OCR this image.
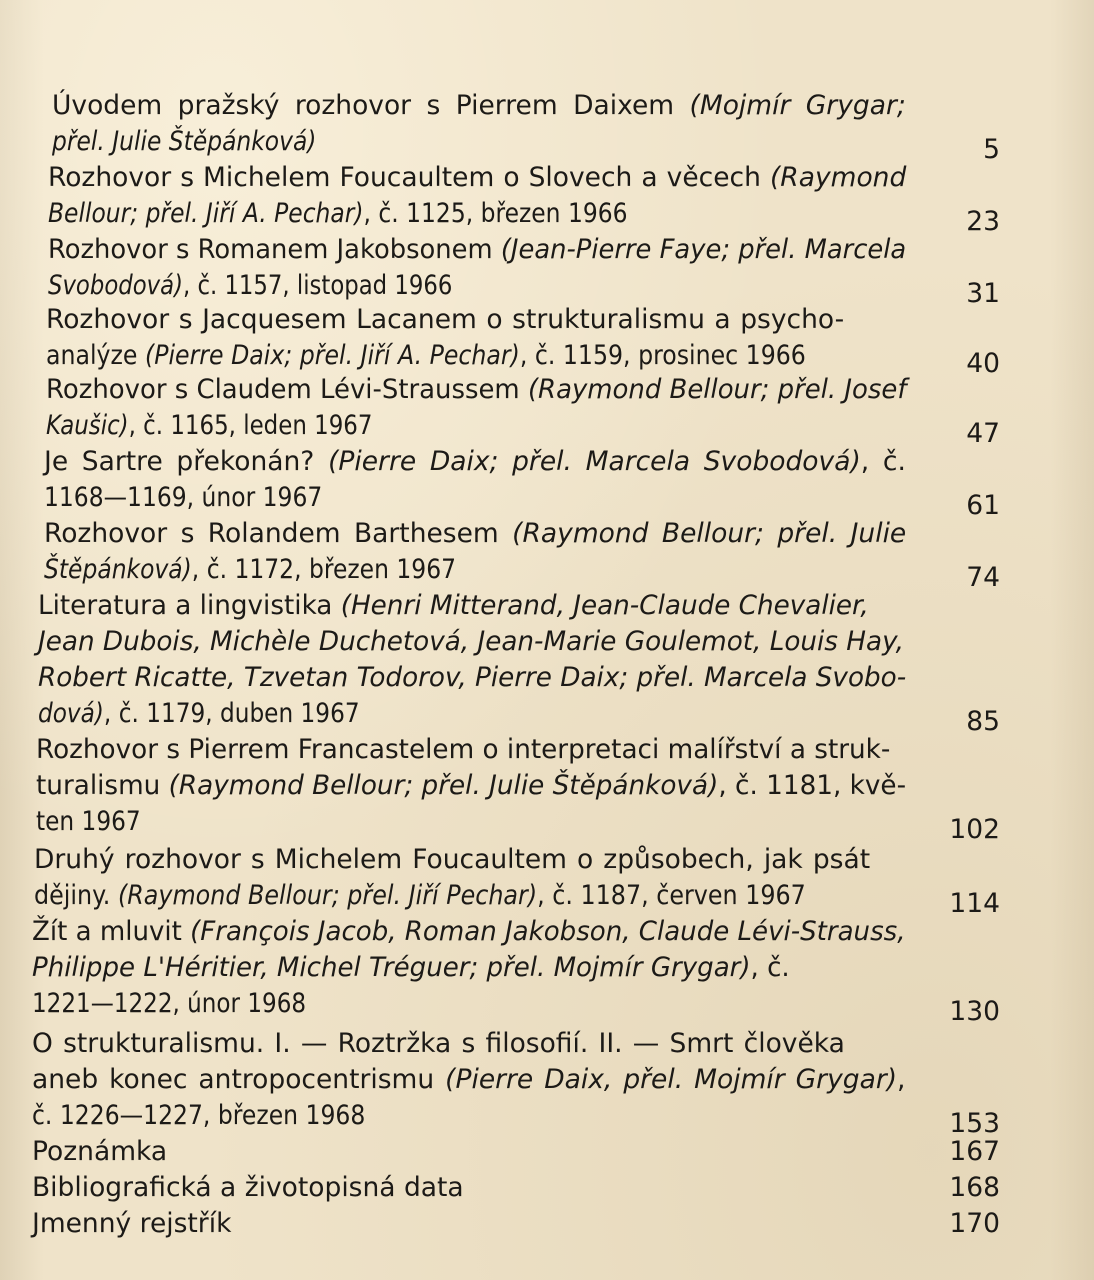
Úvodem pražský rozhovor s Pierrem Daixem (Mojmír Grygar;
přel. Julie Štěpánková)	5
Rozhovor s Michelem Foucaultem o Slovech a věcech (Raymond
Bellour; přel. Jiří A. Pechar), č. 1125, březen 1966	23
Rozhovor s Romanem Jakobsonem (Jean-Pierre Faye; přel. Marcela
Svobodová), č. 1157, listopad 1966	31
Rozhovor s Jacquesem Lacanem o strukturalismu a psycho-
analýze (Pierre Daix; přel. Jiří A. Pechar), č. 1159, prosinec 1966	40
Rozhovor s Claudem Lévi-Straussem (Raymond Bellour; přel. Josef
Kaušic), č. 1165, leden 1967	47
Je Sartre překonán? (Pierre Daix; přel. Marcela Svobodová), č.
1168—1169, únor 1967	61
Rozhovor s Rolandem Barthesem (Raymond Bellour; přel. Julie
Štěpánková), č. 1172, březen 1967	74
Literatura a lingvistika (Henri Mitterand, Jean-Claude Chevalier,
Jean Dubois, Michèle Duchetová, Jean-Marie Goulemot, Louis Hay,
Robert Ricatte, Tzvetan Todorov, Pierre Daix; přel. Marcela Svobo-
dová), č. 1179, duben 1967	85
Rozhovor s Pierrem Francastelem o interpretaci malířství a struk-
turalismu (Raymond Bellour; přel. Julie Štěpánková), č. 1181, kvě-
ten 1967	102
Druhý rozhovor s Michelem Foucaultem o způsobech, jak psát
dějiny. (Raymond Bellour; přel. Jiří Pechar), č. 1187, červen 1967	114
Žít a mluvit (François Jacob, Roman Jakobson, Claude Lévi-Strauss,
Philippe L'Héritier, Michel Tréguer; přel. Mojmír Grygar), č.
1221—1222, únor 1968	130
O strukturalismu. I. — Roztržka s filosofií. II. — Smrt člověka
aneb konec antropocentrismu (Pierre Daix, přel. Mojmír Grygar),
č. 1226—1227, březen 1968	153
Poznámka	167
Bibliografická a životopisná data	168
Jmenný rejstřík	170
